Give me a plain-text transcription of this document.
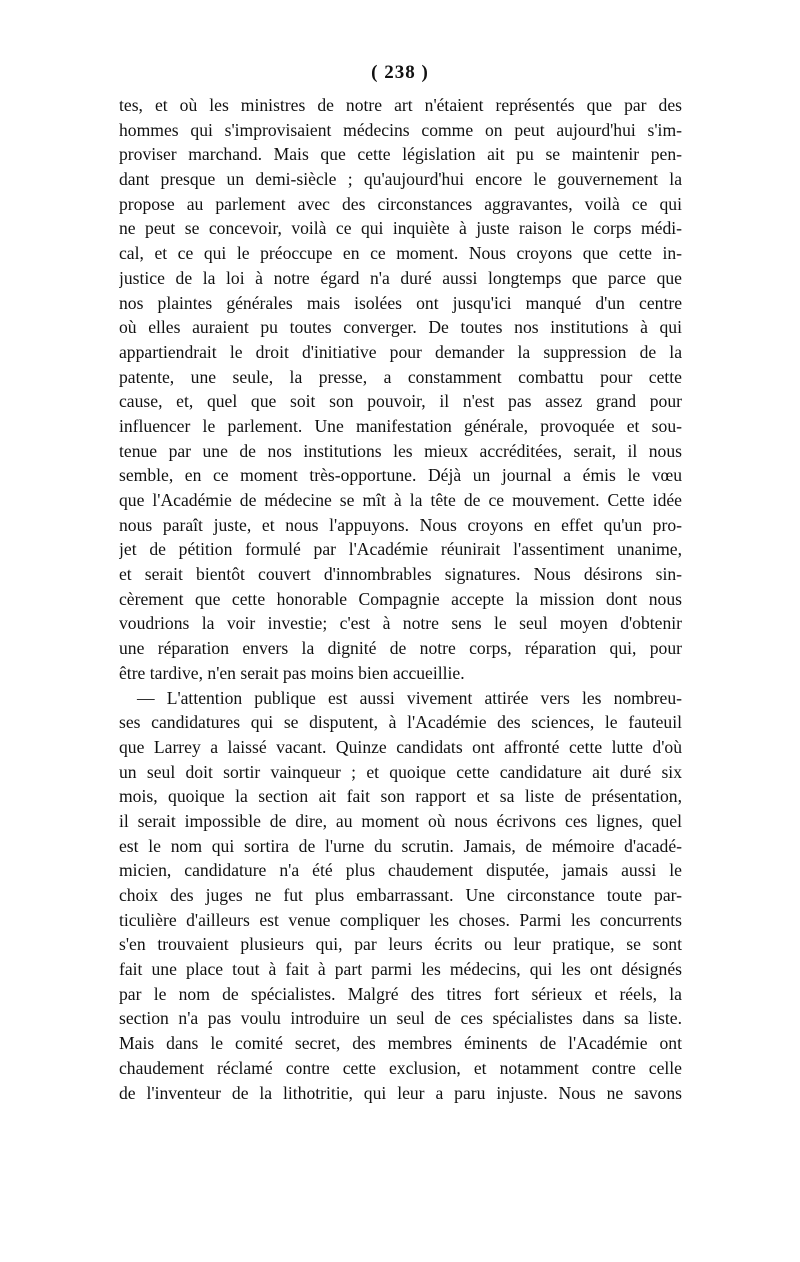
( 238 )
tes, et où les ministres de notre art n'étaient représentés que par des
hommes qui s'improvisaient médecins comme on peut aujourd'hui s'im-
proviser marchand. Mais que cette législation ait pu se maintenir pen-
dant presque un demi-siècle ; qu'aujourd'hui encore le gouvernement la
propose au parlement avec des circonstances aggravantes, voilà ce qui
ne peut se concevoir, voilà ce qui inquiète à juste raison le corps médi-
cal, et ce qui le préoccupe en ce moment. Nous croyons que cette in-
justice de la loi à notre égard n'a duré aussi longtemps que parce que
nos plaintes générales mais isolées ont jusqu'ici manqué d'un centre
où elles auraient pu toutes converger. De toutes nos institutions à qui
appartiendrait le droit d'initiative pour demander la suppression de la
patente, une seule, la presse, a constamment combattu pour cette
cause, et, quel que soit son pouvoir, il n'est pas assez grand pour
influencer le parlement. Une manifestation générale, provoquée et sou-
tenue par une de nos institutions les mieux accréditées, serait, il nous
semble, en ce moment très-opportune. Déjà un journal a émis le vœu
que l'Académie de médecine se mît à la tête de ce mouvement. Cette idée
nous paraît juste, et nous l'appuyons. Nous croyons en effet qu'un pro-
jet de pétition formulé par l'Académie réunirait l'assentiment unanime,
et serait bientôt couvert d'innombrables signatures. Nous désirons sin-
cèrement que cette honorable Compagnie accepte la mission dont nous
voudrions la voir investie; c'est à notre sens le seul moyen d'obtenir
une réparation envers la dignité de notre corps, réparation qui, pour
être tardive, n'en serait pas moins bien accueillie.
— L'attention publique est aussi vivement attirée vers les nombreu-
ses candidatures qui se disputent, à l'Académie des sciences, le fauteuil
que Larrey a laissé vacant. Quinze candidats ont affronté cette lutte d'où
un seul doit sortir vainqueur ; et quoique cette candidature ait duré six
mois, quoique la section ait fait son rapport et sa liste de présentation,
il serait impossible de dire, au moment où nous écrivons ces lignes, quel
est le nom qui sortira de l'urne du scrutin. Jamais, de mémoire d'acadé-
micien, candidature n'a été plus chaudement disputée, jamais aussi le
choix des juges ne fut plus embarrassant. Une circonstance toute par-
ticulière d'ailleurs est venue compliquer les choses. Parmi les concurrents
s'en trouvaient plusieurs qui, par leurs écrits ou leur pratique, se sont
fait une place tout à fait à part parmi les médecins, qui les ont désignés
par le nom de spécialistes. Malgré des titres fort sérieux et réels, la
section n'a pas voulu introduire un seul de ces spécialistes dans sa liste.
Mais dans le comité secret, des membres éminents de l'Académie ont
chaudement réclamé contre cette exclusion, et notamment contre celle
de l'inventeur de la lithotritie, qui leur a paru injuste. Nous ne savons
